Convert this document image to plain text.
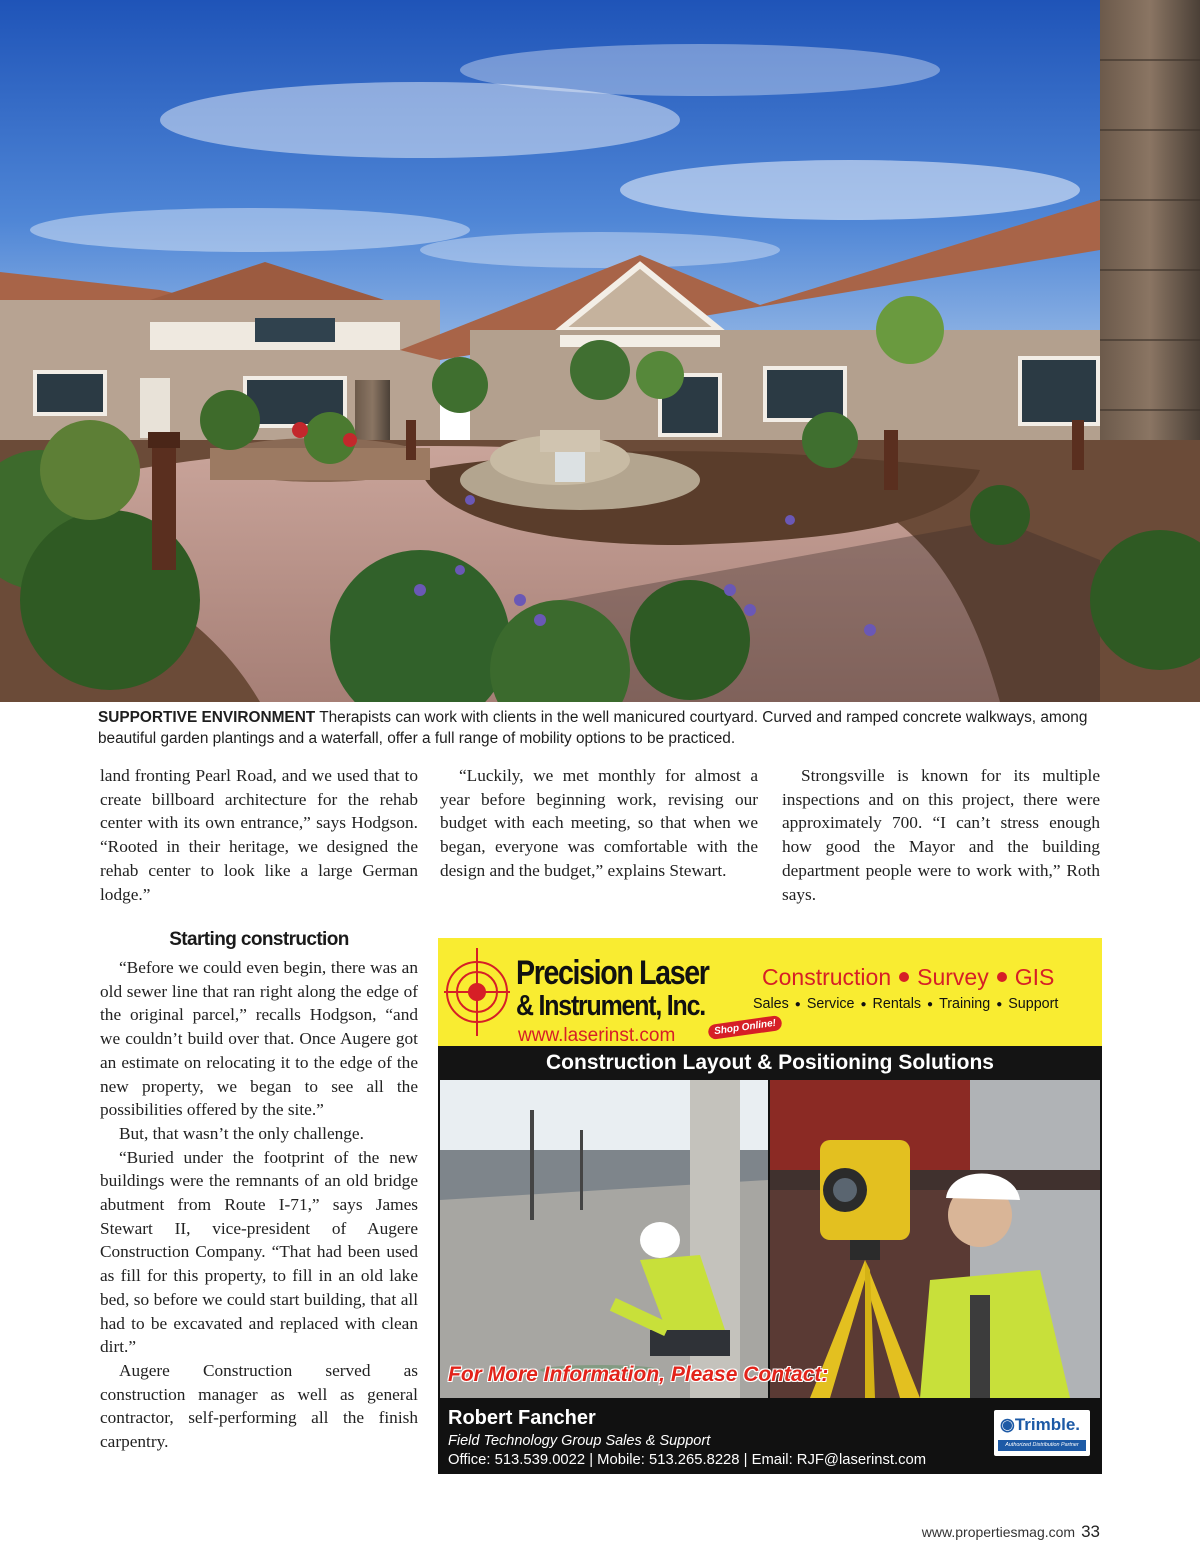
SUPPORTIVE ENVIRONMENT Therapists can work with clients in the well manicured courtyard. Curved and ramped concrete walkways, among beautiful garden plantings and a waterfall, offer a full range of mobility options to be practiced.

land fronting Pearl Road, and we used that to create billboard architecture for the rehab center with its own entrance,” says Hodgson. “Rooted in their heritage, we designed the rehab center to look like a large German lodge.”

“Luckily, we met monthly for almost a year before beginning work, revising our budget with each meeting, so that when we began, everyone was comfortable with the design and the budget,” explains Stewart.

Strongsville is known for its multiple inspections and on this project, there were approximately 700. “I can’t stress enough how good the Mayor and the building department people were to work with,” Roth says.

Starting construction

“Before we could even begin, there was an old sewer line that ran right along the edge of the original parcel,” recalls Hodgson, “and we couldn’t build over that. Once Augere got an estimate on relocating it to the edge of the new property, we began to see all the possibilities offered by the site.”

But, that wasn’t the only challenge.

“Buried under the footprint of the new buildings were the remnants of an old bridge abutment from Route I-71,” says James Stewart II, vice-president of Augere Construction Company. “That had been used as fill for this property, to fill in an old lake bed, so before we could start building, that all had to be excavated and replaced with clean dirt.”

Augere Construction served as construction manager as well as general contractor, self-performing all the finish carpentry.

Precision Laser
& Instrument, Inc.
www.laserinst.com	Shop Online!
Construction Survey GIS
Sales ● Service ● Rentals ● Training ● Support
Construction Layout & Positioning Solutions
For More Information, Please Contact:
Robert Fancher
Field Technology Group Sales & Support
Office: 513.539.0022 | Mobile: 513.265.8228 | Email: RJF@laserinst.com
◉Trimble.
Authorized Distribution Partner
www.propertiesmag.com 33
